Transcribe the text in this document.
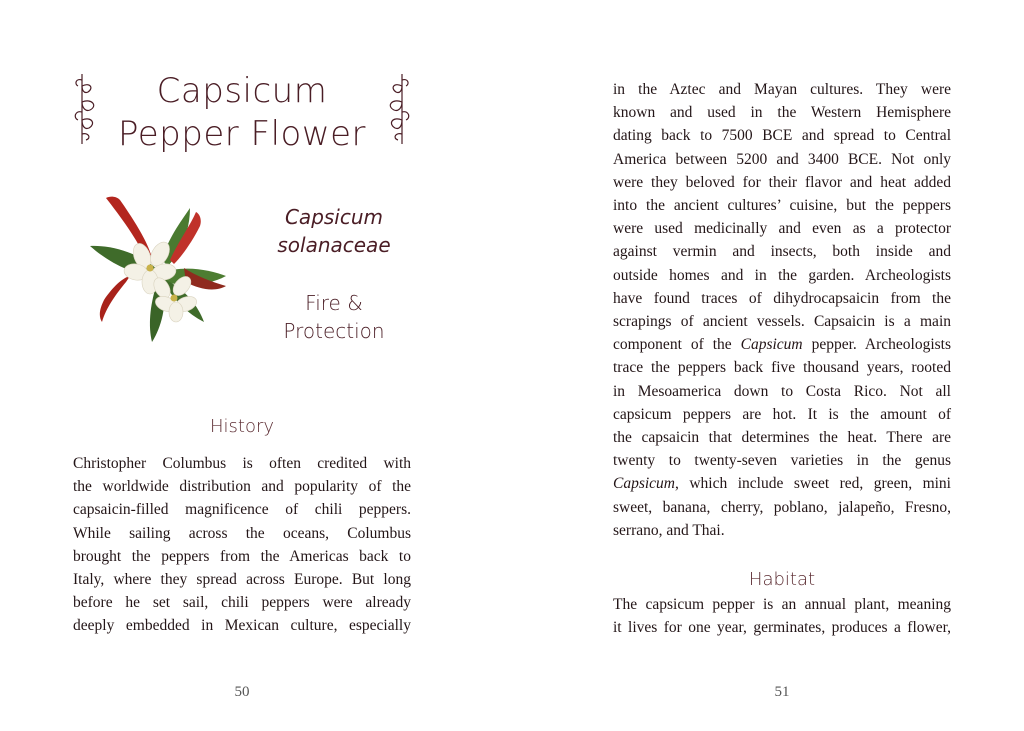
Capsicum
Pepper Flower
Capsicum
solanaceae
Fire &
Protection
History
Christopher Columbus is often credited with
the worldwide distribution and popularity of the
capsaicin-filled magnificence of chili peppers.
While sailing across the oceans, Columbus
brought the peppers from the Americas back to
Italy, where they spread across Europe. But long
before he set sail, chili peppers were already
deeply embedded in Mexican culture, especially
50
in the Aztec and Mayan cultures. They were
known and used in the Western Hemisphere
dating back to 7500 BCE and spread to Central
America between 5200 and 3400 BCE. Not only
were they beloved for their flavor and heat added
into the ancient cultures’ cuisine, but the peppers
were used medicinally and even as a protector
against vermin and insects, both inside and
outside homes and in the garden. Archeologists
have found traces of dihydrocapsaicin from the
scrapings of ancient vessels. Capsaicin is a main
component of the Capsicum pepper. Archeologists
trace the peppers back five thousand years, rooted
in Mesoamerica down to Costa Rico. Not all
capsicum peppers are hot. It is the amount of
the capsaicin that determines the heat. There are
twenty to twenty-seven varieties in the genus
Capsicum, which include sweet red, green, mini
sweet, banana, cherry, poblano, jalapeño, Fresno,
serrano, and Thai.
Habitat
The capsicum pepper is an annual plant, meaning
it lives for one year, germinates, produces a flower,
51
